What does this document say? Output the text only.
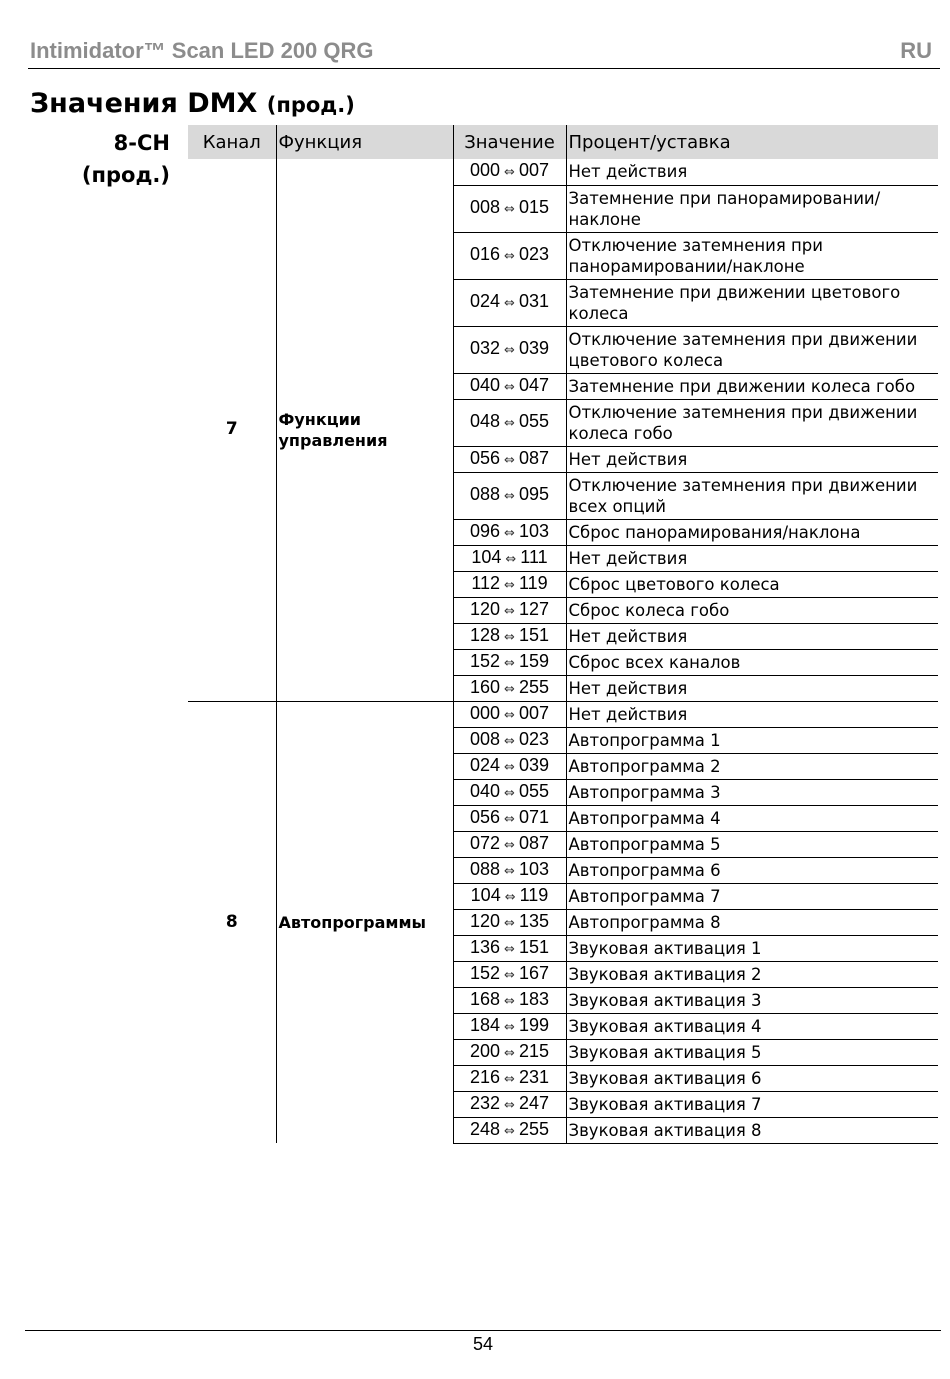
Intimidator™ Scan LED 200 QRG	RU
Значения DMX (прод.)
8-CH
(прод.)
Канал	Функция	Значение	Процент/уставка
7	Функции управления	000 ⇔ 007	Нет действия
		008 ⇔ 015	Затемнение при панорамировании/наклоне
		016 ⇔ 023	Отключение затемнения при панорамировании/наклоне
		024 ⇔ 031	Затемнение при движении цветового колеса
		032 ⇔ 039	Отключение затемнения при движении цветового колеса
		040 ⇔ 047	Затемнение при движении колеса гобо
		048 ⇔ 055	Отключение затемнения при движении колеса гобо
		056 ⇔ 087	Нет действия
		088 ⇔ 095	Отключение затемнения при движении всех опций
		096 ⇔ 103	Сброс панорамирования/наклона
		104 ⇔ 111	Нет действия
		112 ⇔ 119	Сброс цветового колеса
		120 ⇔ 127	Сброс колеса гобо
		128 ⇔ 151	Нет действия
		152 ⇔ 159	Сброс всех каналов
		160 ⇔ 255	Нет действия
8	Автопрограммы	000 ⇔ 007	Нет действия
		008 ⇔ 023	Автопрограмма 1
		024 ⇔ 039	Автопрограмма 2
		040 ⇔ 055	Автопрограмма 3
		056 ⇔ 071	Автопрограмма 4
		072 ⇔ 087	Автопрограмма 5
		088 ⇔ 103	Автопрограмма 6
		104 ⇔ 119	Автопрограмма 7
		120 ⇔ 135	Автопрограмма 8
		136 ⇔ 151	Звуковая активация 1
		152 ⇔ 167	Звуковая активация 2
		168 ⇔ 183	Звуковая активация 3
		184 ⇔ 199	Звуковая активация 4
		200 ⇔ 215	Звуковая активация 5
		216 ⇔ 231	Звуковая активация 6
		232 ⇔ 247	Звуковая активация 7
		248 ⇔ 255	Звуковая активация 8
54
